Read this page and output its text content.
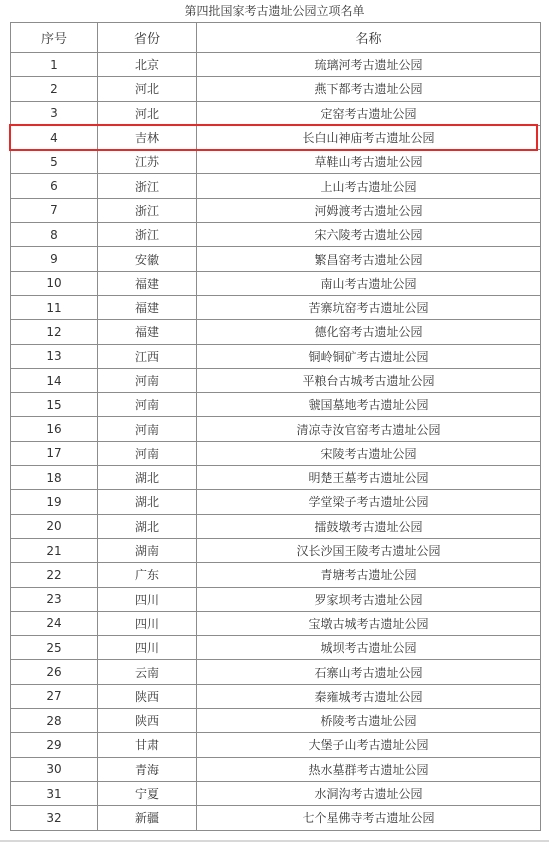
第四批国家考古遗址公园立项名单
序号	省份	名称
1	北京	琉璃河考古遗址公园
2	河北	燕下都考古遗址公园
3	河北	定窑考古遗址公园
4	吉林	长白山神庙考古遗址公园
5	江苏	草鞋山考古遗址公园
6	浙江	上山考古遗址公园
7	浙江	河姆渡考古遗址公园
8	浙江	宋六陵考古遗址公园
9	安徽	繁昌窑考古遗址公园
10	福建	南山考古遗址公园
11	福建	苦寨坑窑考古遗址公园
12	福建	德化窑考古遗址公园
13	江西	铜岭铜矿考古遗址公园
14	河南	平粮台古城考古遗址公园
15	河南	虢国墓地考古遗址公园
16	河南	清凉寺汝官窑考古遗址公园
17	河南	宋陵考古遗址公园
18	湖北	明楚王墓考古遗址公园
19	湖北	学堂梁子考古遗址公园
20	湖北	擂鼓墩考古遗址公园
21	湖南	汉长沙国王陵考古遗址公园
22	广东	青塘考古遗址公园
23	四川	罗家坝考古遗址公园
24	四川	宝墩古城考古遗址公园
25	四川	城坝考古遗址公园
26	云南	石寨山考古遗址公园
27	陕西	秦雍城考古遗址公园
28	陕西	桥陵考古遗址公园
29	甘肃	大堡子山考古遗址公园
30	青海	热水墓群考古遗址公园
31	宁夏	水洞沟考古遗址公园
32	新疆	七个星佛寺考古遗址公园
